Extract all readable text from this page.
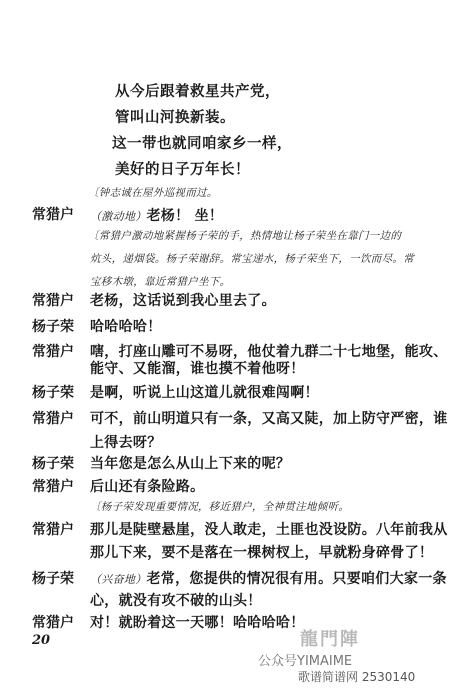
从今后跟着救星共产党，
管叫山河换新装。
这一带也就同咱家乡一样，
美好的日子万年长！
〔钟志诚在屋外巡视而过。
常猎户 （激动地）老杨！ 坐！
〔常猎户激动地紧握杨子荣的手，热情地让杨子荣坐在靠门一边的
炕头，递烟袋。杨子荣谢辞。常宝递水，杨子荣坐下，一饮而尽。常
宝移木墩，靠近常猎户坐下。
常猎户 老杨，这话说到我心里去了。
杨子荣 哈哈哈哈！
常猎户 嗐，打座山雕可不易呀，他仗着九群二十七地堡，能攻、
能守、又能溜，谁也摸不着他呀！
杨子荣 是啊，听说上山这道儿就很难闯啊！
常猎户 可不，前山明道只有一条，又高又陡，加上防守严密，谁
上得去呀？
杨子荣 当年您是怎么从山上下来的呢？
常猎户 后山还有条险路。
〔杨子荣发现重要情况，移近猎户，全神贯注地倾听。
常猎户 那儿是陡壁悬崖，没人敢走，土匪也没设防。八年前我从
那儿下来，要不是落在一棵树杈上，早就粉身碎骨了！
杨子荣 （兴奋地）老常，您提供的情况很有用。只要咱们大家一条
心，就没有攻不破的山头！
常猎户 对！就盼着这一天哪！哈哈哈哈！
20	龍門陣
公众号YIMAIME
歌谱简谱网 2530140
